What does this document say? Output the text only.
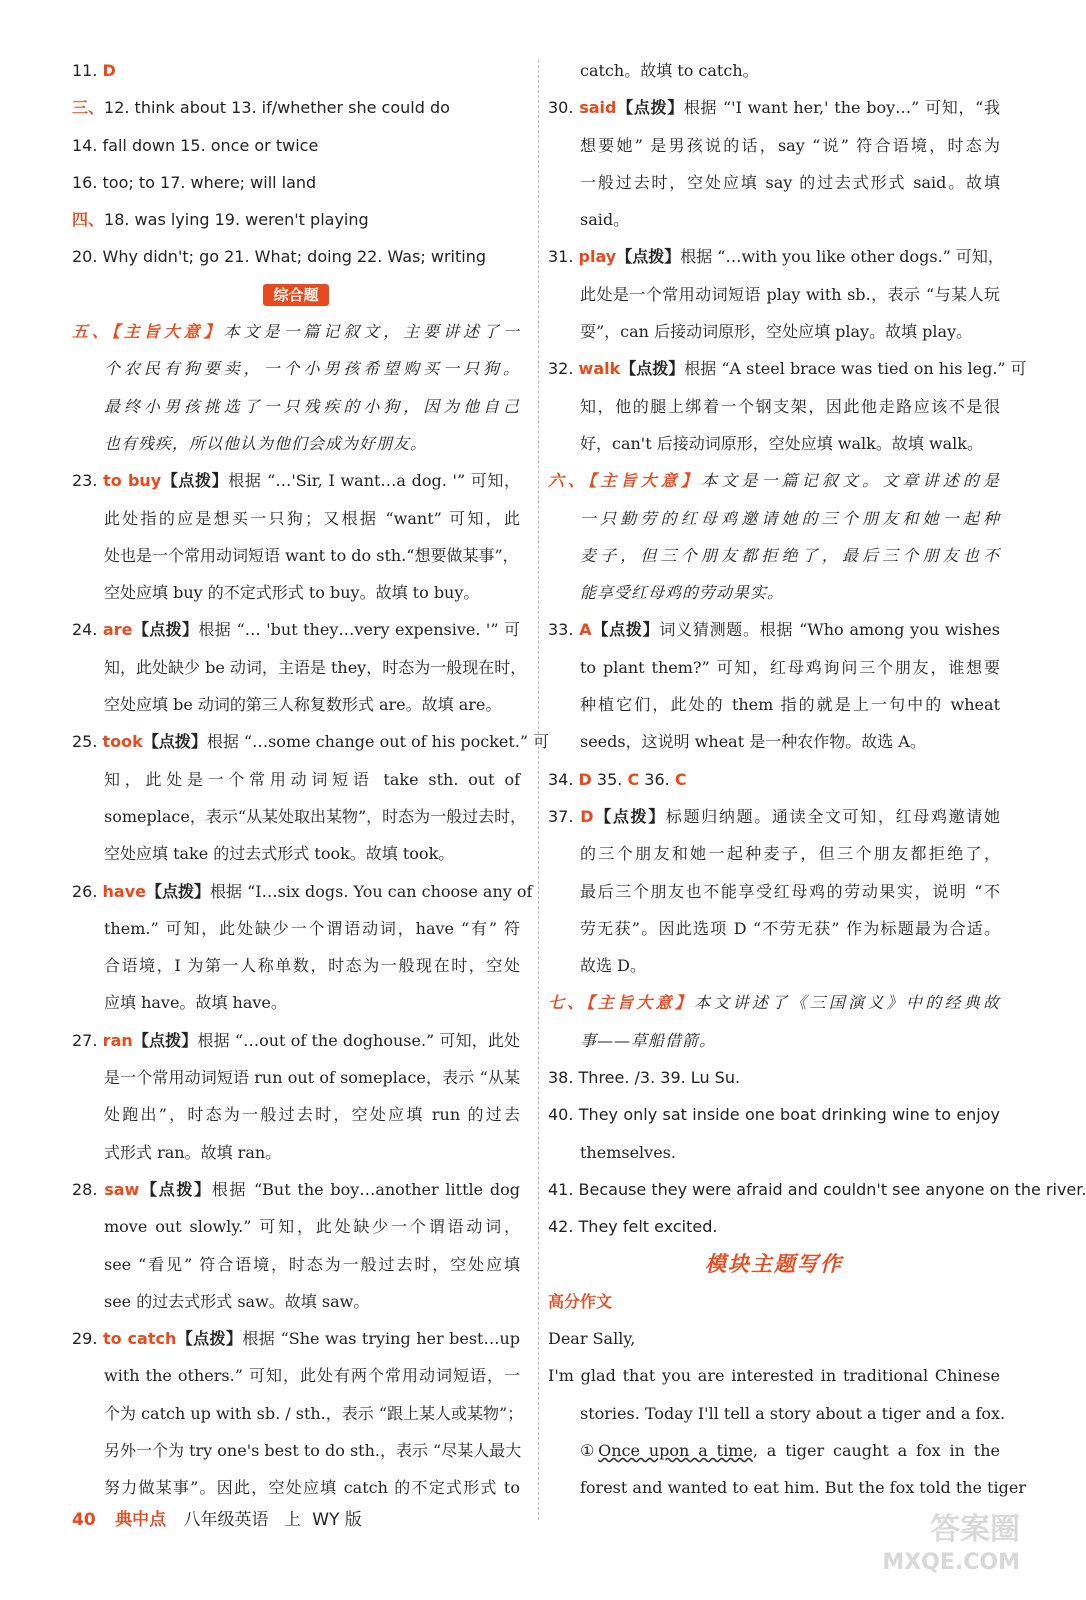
11. D
三、12. think about 13. if/whether she could do
14. fall down 15. once or twice
16. too; to 17. where; will land
四、18. was lying 19. weren't playing
20. Why didn't; go 21. What; doing 22. Was; writing
综合题
五、【主旨大意】本文是一篇记叙文，主要讲述了一
个农民有狗要卖，一个小男孩希望购买一只狗。
最终小男孩挑选了一只残疾的小狗，因为他自己
也有残疾，所以他认为他们会成为好朋友。
23. to buy【点拨】根据 “…'Sir, I want…a dog. '” 可知，
此处指的应是想买一只狗；又根据 “want” 可知，此
处也是一个常用动词短语 want to do sth.“想要做某事”，
空处应填 buy 的不定式形式 to buy。故填 to buy。
24. are【点拨】根据 “… 'but they…very expensive. '” 可
知，此处缺少 be 动词，主语是 they，时态为一般现在时，
空处应填 be 动词的第三人称复数形式 are。故填 are。
25. took【点拨】根据 “…some change out of his pocket.” 可
知，此处是一个常用动词短语 take sth. out of
someplace，表示“从某处取出某物”，时态为一般过去时，
空处应填 take 的过去式形式 took。故填 took。
26. have【点拨】根据 “I…six dogs. You can choose any of
them.” 可知，此处缺少一个谓语动词，have “有” 符
合语境，I 为第一人称单数，时态为一般现在时，空处
应填 have。故填 have。
27. ran【点拨】根据 “…out of the doghouse.” 可知，此处
是一个常用动词短语 run out of someplace，表示 “从某
处跑出”，时态为一般过去时，空处应填 run 的过去
式形式 ran。故填 ran。
28. saw【点拨】根据 “But the boy…another little dog
move out slowly.” 可知，此处缺少一个谓语动词，
see “看见” 符合语境，时态为一般过去时，空处应填
see 的过去式形式 saw。故填 saw。
29. to catch【点拨】根据 “She was trying her best…up
with the others.” 可知，此处有两个常用动词短语，一
个为 catch up with sb. / sth.，表示 “跟上某人或某物”；
另外一个为 try one's best to do sth.，表示 “尽某人最大
努力做某事”。因此，空处应填 catch 的不定式形式 to
catch。故填 to catch。
30. said【点拨】根据 “'I want her,' the boy…” 可知，“我
想要她” 是男孩说的话，say “说” 符合语境，时态为
一般过去时，空处应填 say 的过去式形式 said。故填
said。
31. play【点拨】根据 “…with you like other dogs.” 可知，
此处是一个常用动词短语 play with sb.，表示 “与某人玩
耍”，can 后接动词原形，空处应填 play。故填 play。
32. walk【点拨】根据 “A steel brace was tied on his leg.” 可
知，他的腿上绑着一个钢支架，因此他走路应该不是很
好，can't 后接动词原形，空处应填 walk。故填 walk。
六、【主旨大意】本文是一篇记叙文。文章讲述的是
一只勤劳的红母鸡邀请她的三个朋友和她一起种
麦子，但三个朋友都拒绝了，最后三个朋友也不
能享受红母鸡的劳动果实。
33. A【点拨】词义猜测题。根据 “Who among you wishes
to plant them?” 可知，红母鸡询问三个朋友，谁想要
种植它们，此处的 them 指的就是上一句中的 wheat
seeds，这说明 wheat 是一种农作物。故选 A。
34. D 35. C 36. C
37. D【点拨】标题归纳题。通读全文可知，红母鸡邀请她
的三个朋友和她一起种麦子，但三个朋友都拒绝了，
最后三个朋友也不能享受红母鸡的劳动果实，说明 “不
劳无获”。因此选项 D “不劳无获” 作为标题最为合适。
故选 D。
七、【主旨大意】本文讲述了《三国演义》中的经典故
事——草船借箭。
38. Three. /3. 39. Lu Su.
40. They only sat inside one boat drinking wine to enjoy
themselves.
41. Because they were afraid and couldn't see anyone on the river.
42. They felt excited.
模块主题写作
高分作文
Dear Sally,
I'm glad that you are interested in traditional Chinese
stories. Today I'll tell a story about a tiger and a fox.
①Once upon a time, a tiger caught a fox in the
forest and wanted to eat him. But the fox told the tiger
40 典中点 八年级英语 上 WY 版	答案圈
MXQE.COM
